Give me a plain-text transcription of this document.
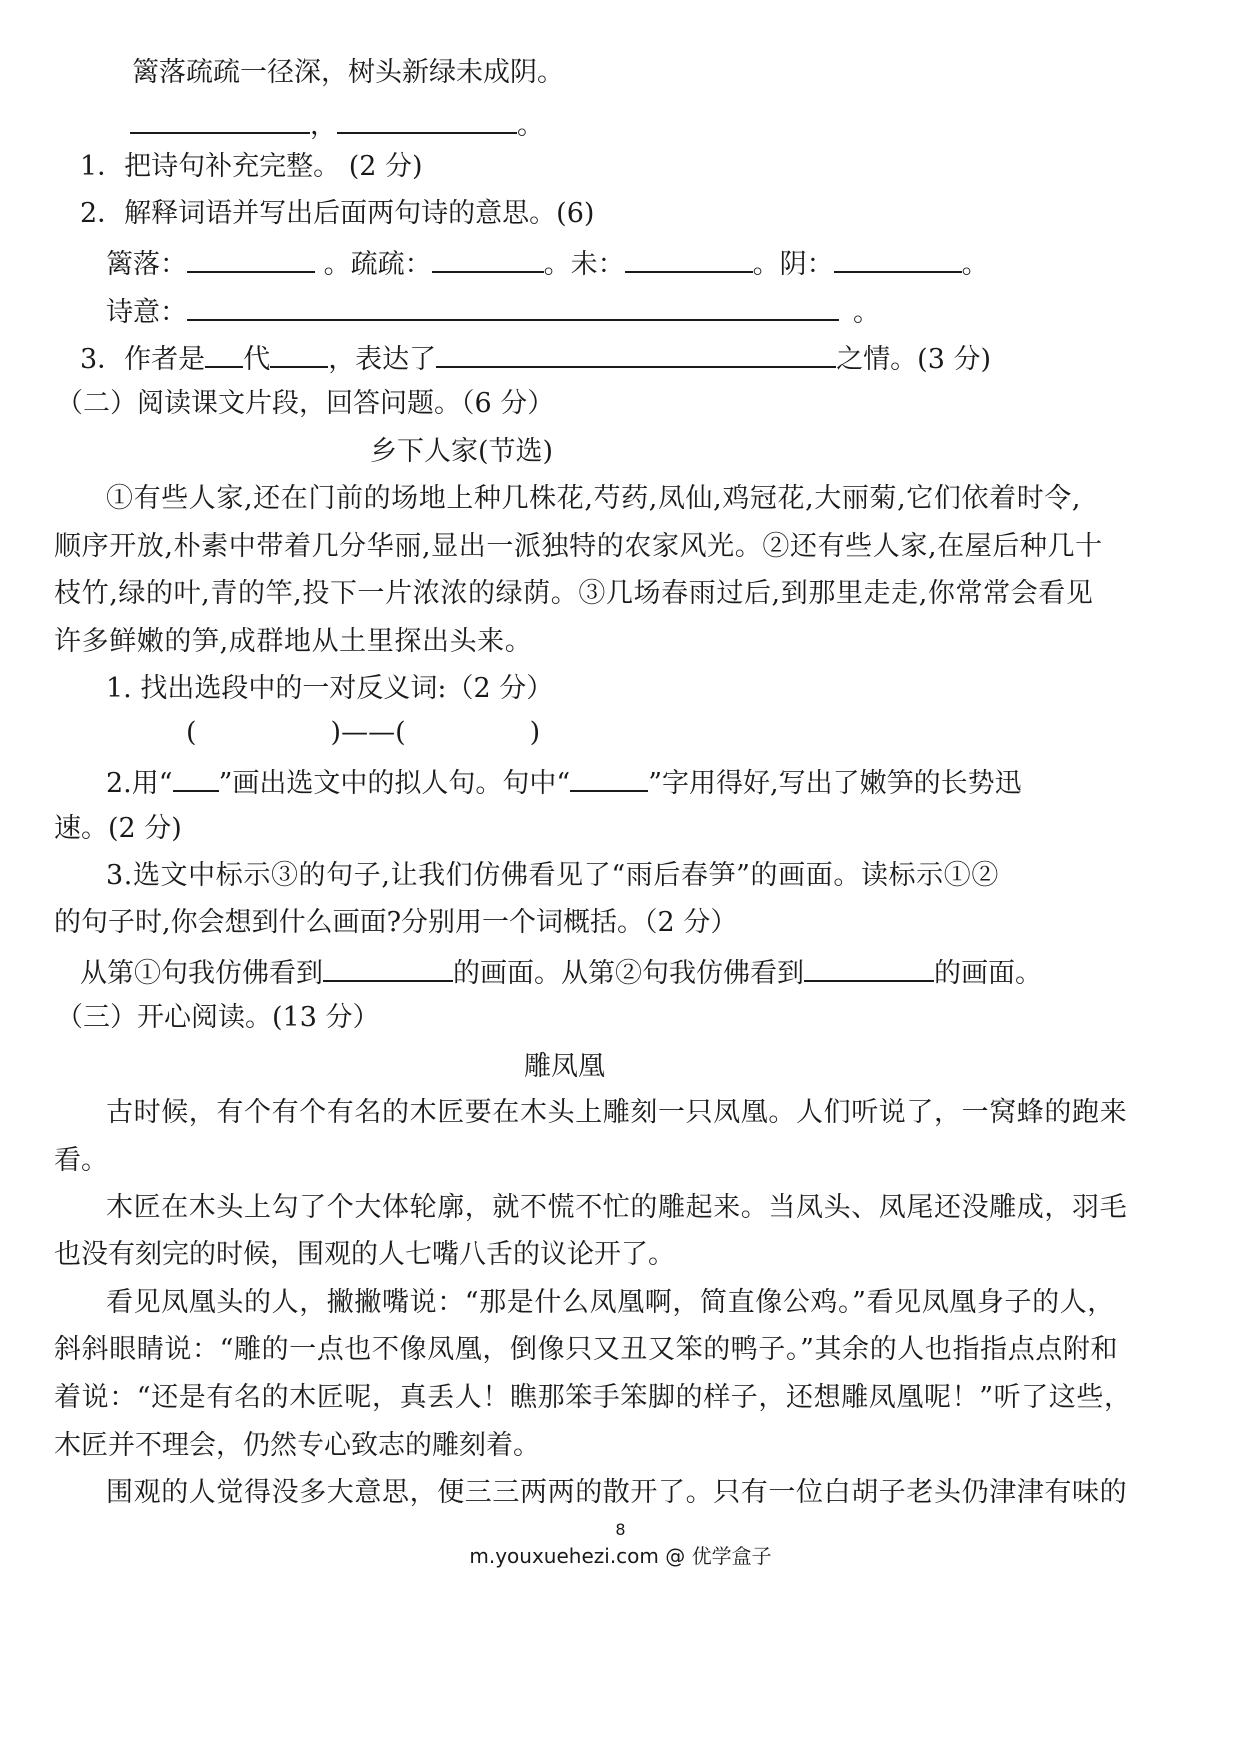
篱落疏疏一径深，树头新绿未成阴。
，	。
1．把诗句补充完整。 (2 分)
2．解释词语并写出后面两句诗的意思。(6)
篱落：	。疏疏：	。未：	。阴：	。
诗意：	。
3．作者是 代 ，表达了	之情。(3 分)
（二）阅读课文片段，回答问题。（6 分）
乡下人家(节选)
①有些人家,还在门前的场地上种几株花,芍药,凤仙,鸡冠花,大丽菊,它们依着时令,
顺序开放,朴素中带着几分华丽,显出一派独特的农家风光。②还有些人家,在屋后种几十
枝竹,绿的叶,青的竿,投下一片浓浓的绿荫。③几场春雨过后,到那里走走,你常常会看见
许多鲜嫩的笋,成群地从土里探出头来。
1. 找出选段中的一对反义词:（2 分）
(	)——(	)
2.用“ ”画出选文中的拟人句。句中“	”字用得好,写出了嫩笋的长势迅
速。(2 分)
3.选文中标示③的句子,让我们仿佛看见了“雨后春笋”的画面。读标示①②
的句子时,你会想到什么画面?分别用一个词概括。（2 分）
从第①句我仿佛看到	的画面。从第②句我仿佛看到	的画面。
（三）开心阅读。(13 分）
雕凤凰
古时候，有个有个有名的木匠要在木头上雕刻一只凤凰。人们听说了，一窝蜂的跑来
看。
木匠在木头上勾了个大体轮廓，就不慌不忙的雕起来。当凤头、凤尾还没雕成，羽毛
也没有刻完的时候，围观的人七嘴八舌的议论开了。
看见凤凰头的人，撇撇嘴说：“那是什么凤凰啊，简直像公鸡。”看见凤凰身子的人，
斜斜眼睛说：“雕的一点也不像凤凰，倒像只又丑又笨的鸭子。”其余的人也指指点点附和
着说：“还是有名的木匠呢，真丢人！瞧那笨手笨脚的样子，还想雕凤凰呢！”听了这些，
木匠并不理会，仍然专心致志的雕刻着。
围观的人觉得没多大意思，便三三两两的散开了。只有一位白胡子老头仍津津有味的
8
m.youxuehezi.com @ 优学盒子
